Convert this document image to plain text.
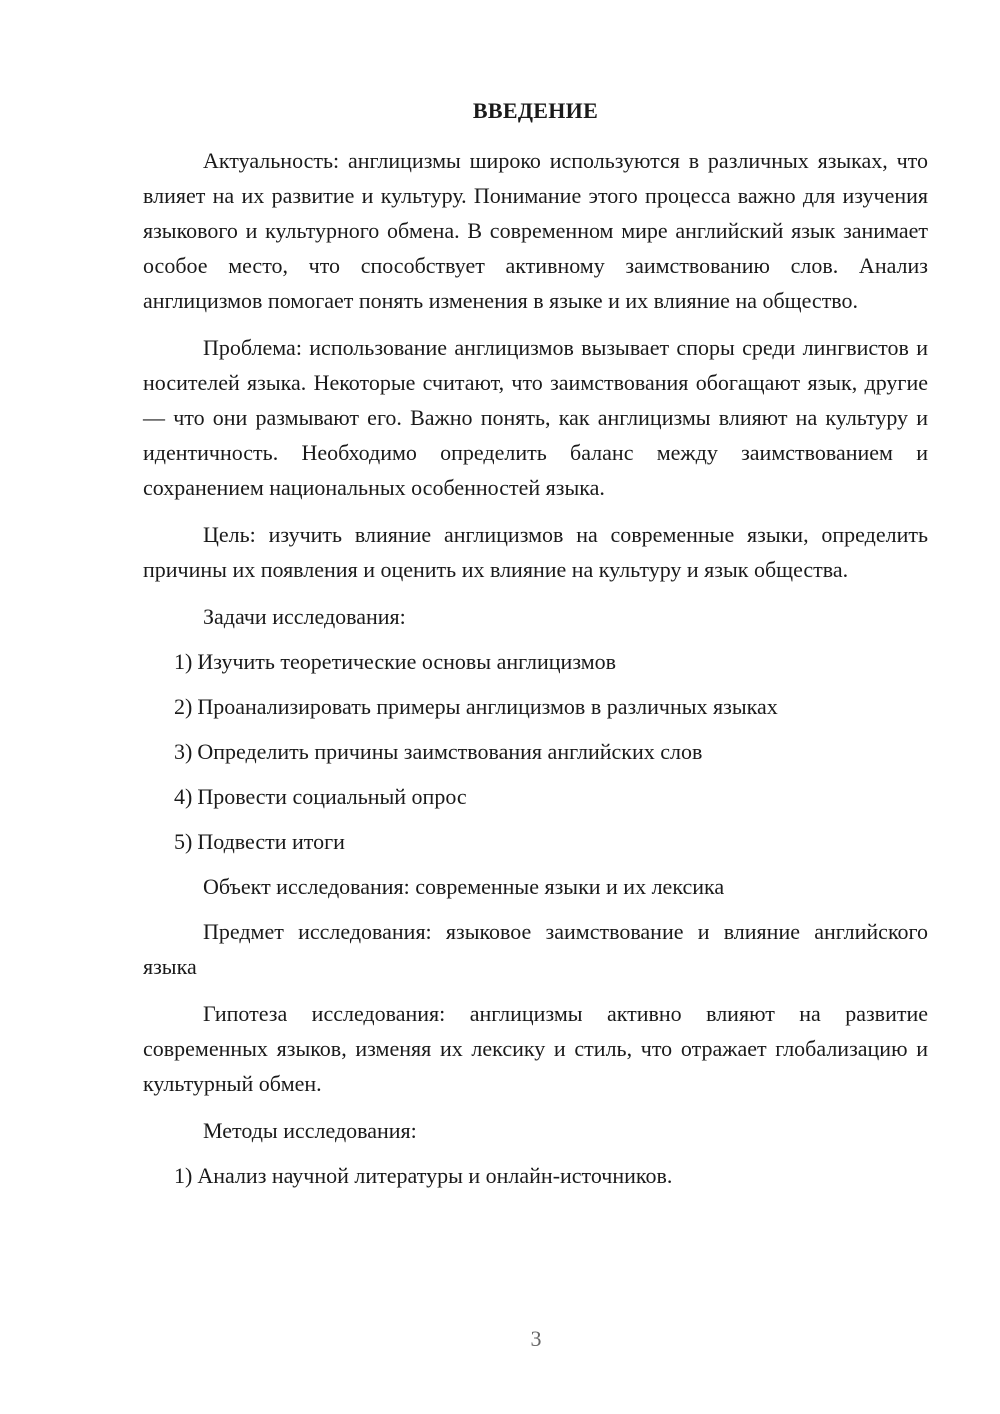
ВВЕДЕНИЕ

Актуальность: англицизмы широко используются в различных языках, что влияет на их развитие и культуру. Понимание этого процесса важно для изучения языкового и культурного обмена. В современном мире английский язык занимает особое место, что способствует активному заимствованию слов. Анализ англицизмов помогает понять изменения в языке и их влияние на общество.

Проблема: использование англицизмов вызывает споры среди лингвистов и носителей языка. Некоторые считают, что заимствования обогащают язык, другие — что они размывают его. Важно понять, как англицизмы влияют на культуру и идентичность. Необходимо определить баланс между заимствованием и сохранением национальных особенностей языка.

Цель: изучить влияние англицизмов на современные языки, определить причины их появления и оценить их влияние на культуру и язык общества.

Задачи исследования:

1) Изучить теоретические основы англицизмов
2) Проанализировать примеры англицизмов в различных языках
3) Определить причины заимствования английских слов
4) Провести социальный опрос
5) Подвести итоги

Объект исследования: современные языки и их лексика

Предмет исследования: языковое заимствование и влияние английского языка

Гипотеза исследования: англицизмы активно влияют на развитие современных языков, изменяя их лексику и стиль, что отражает глобализацию и культурный обмен.

Методы исследования:

1) Анализ научной литературы и онлайн-источников.
3
